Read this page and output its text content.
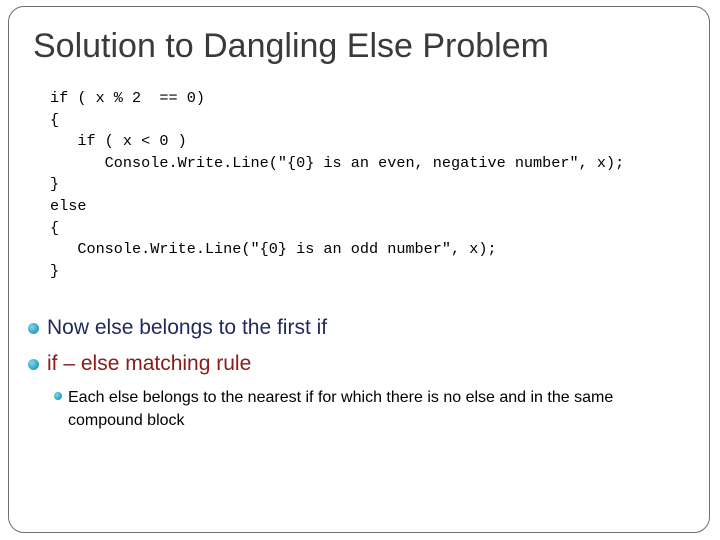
Solution to Dangling Else Problem
if ( x % 2  == 0)
{
if ( x < 0 )
Console.Write.Line("{0} is an even, negative number", x);
}
else
{
Console.Write.Line("{0} is an odd number", x);
}
Now else belongs to the first if
if – else matching rule
Each else belongs to the nearest if for which there is no else and in the same
compound block
